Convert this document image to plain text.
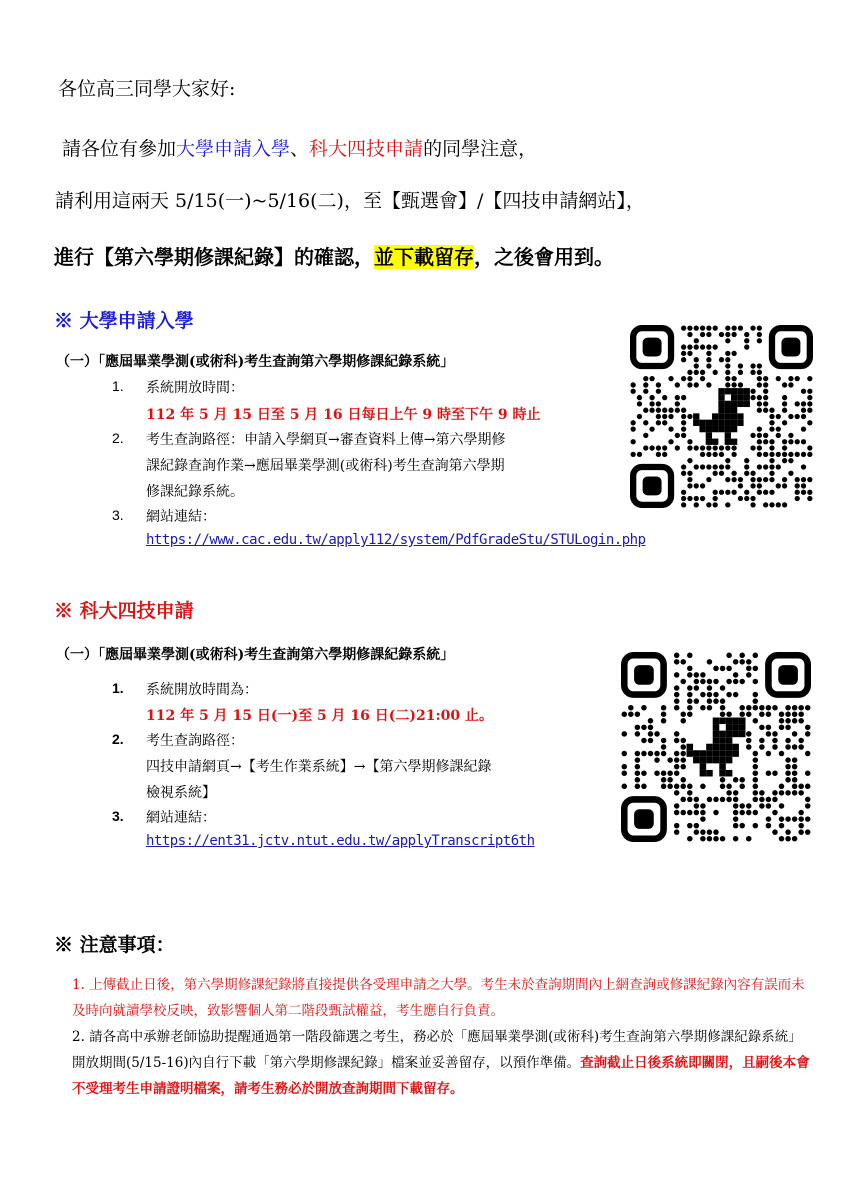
各位高三同學大家好:
請各位有參加大學申請入學、科大四技申請的同學注意，
請利用這兩天 5/15(一)~5/16(二)，至【甄選會】/【四技申請網站】，
進行【第六學期修課紀錄】的確認，並下載留存，之後會用到。
※ 大學申請入學
（一）「應屆畢業學測(或術科)考生查詢第六學期修課紀錄系統」
1. 系統開放時間：
112 年 5 月 15 日至 5 月 16 日每日上午 9 時至下午 9 時止
2. 考生查詢路徑：申請入學網頁→審查資料上傳→第六學期修
課紀錄查詢作業→應屆畢業學測(或術科)考生查詢第六學期
修課紀錄系統。
3. 網站連結：
https://www.cac.edu.tw/apply112/system/PdfGradeStu/STULogin.php
※ 科大四技申請
（一）「應屆畢業學測(或術科)考生查詢第六學期修課紀錄系統」
1. 系統開放時間為：
112 年 5 月 15 日(一)至 5 月 16 日(二)21:00 止。
2. 考生查詢路徑：
四技申請網頁→【考生作業系統】→【第六學期修課紀錄
檢視系統】
3. 網站連結：
https://ent31.jctv.ntut.edu.tw/applyTranscript6th
※ 注意事項：
1. 上傳截止日後，第六學期修課紀錄將直接提供各受理申請之大學。考生未於查詢期間內上網查詢或修課紀錄內容有誤而未及時向就讀學校反映，致影響個人第二階段甄試權益，考生應自行負責。
2. 請各高中承辦老師協助提醒通過第一階段篩選之考生，務必於「應屆畢業學測(或術科)考生查詢第六學期修課紀錄系統」開放期間(5/15-16)內自行下載「第六學期修課紀錄」檔案並妥善留存，以預作準備。查詢截止日後系統即關閉，且嗣後本會不受理考生申請證明檔案，請考生務必於開放查詢期間下載留存。
